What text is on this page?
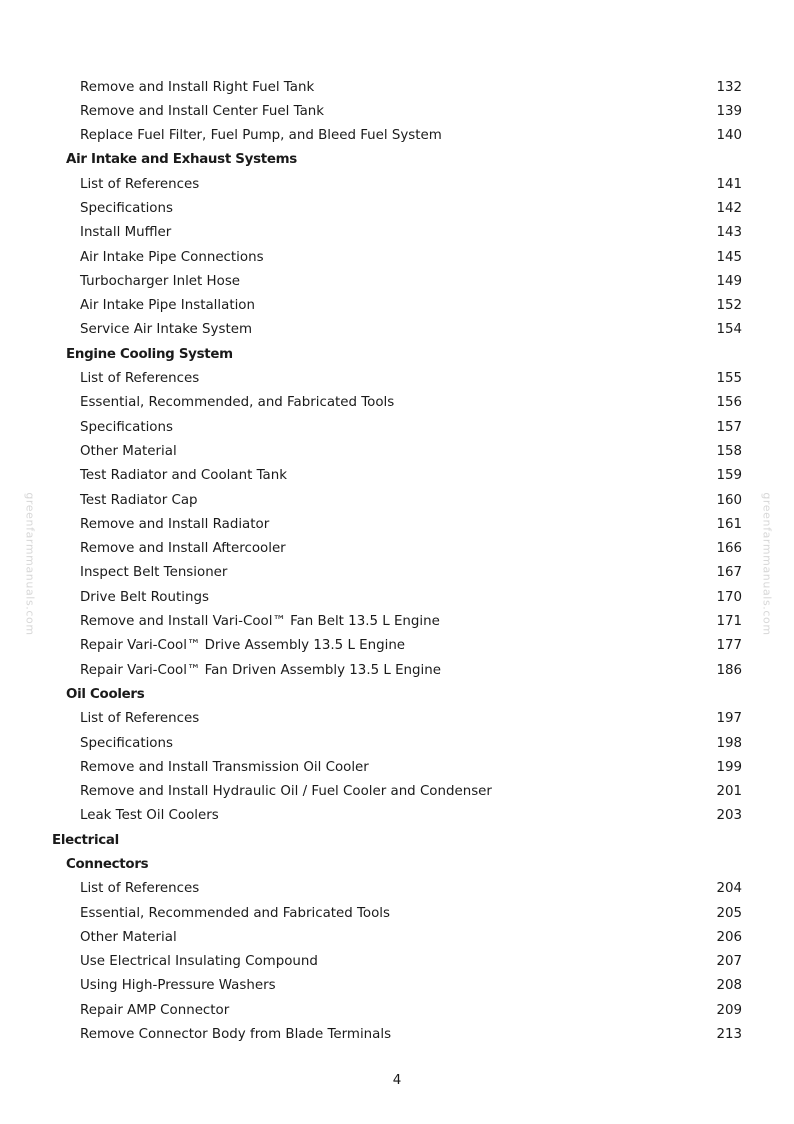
Remove and Install Right Fuel Tank	132
Remove and Install Center Fuel Tank	139
Replace Fuel Filter, Fuel Pump, and Bleed Fuel System	140
Air Intake and Exhaust Systems
List of References	141
Specifications	142
Install Muffler	143
Air Intake Pipe Connections	145
Turbocharger Inlet Hose	149
Air Intake Pipe Installation	152
Service Air Intake System	154
Engine Cooling System
List of References	155
Essential, Recommended, and Fabricated Tools	156
Specifications	157
Other Material	158
Test Radiator and Coolant Tank	159
Test Radiator Cap	160
Remove and Install Radiator	161
Remove and Install Aftercooler	166
Inspect Belt Tensioner	167
Drive Belt Routings	170
Remove and Install Vari-Cool™ Fan Belt 13.5 L Engine	171
Repair Vari-Cool™ Drive Assembly 13.5 L Engine	177
Repair Vari-Cool™ Fan Driven Assembly 13.5 L Engine	186
Oil Coolers
List of References	197
Specifications	198
Remove and Install Transmission Oil Cooler	199
Remove and Install Hydraulic Oil / Fuel Cooler and Condenser	201
Leak Test Oil Coolers	203
Electrical
Connectors
List of References	204
Essential, Recommended and Fabricated Tools	205
Other Material	206
Use Electrical Insulating Compound	207
Using High-Pressure Washers	208
Repair AMP Connector	209
Remove Connector Body from Blade Terminals	213
greenfarmmanuals.com	greenfarmmanuals.com
4
